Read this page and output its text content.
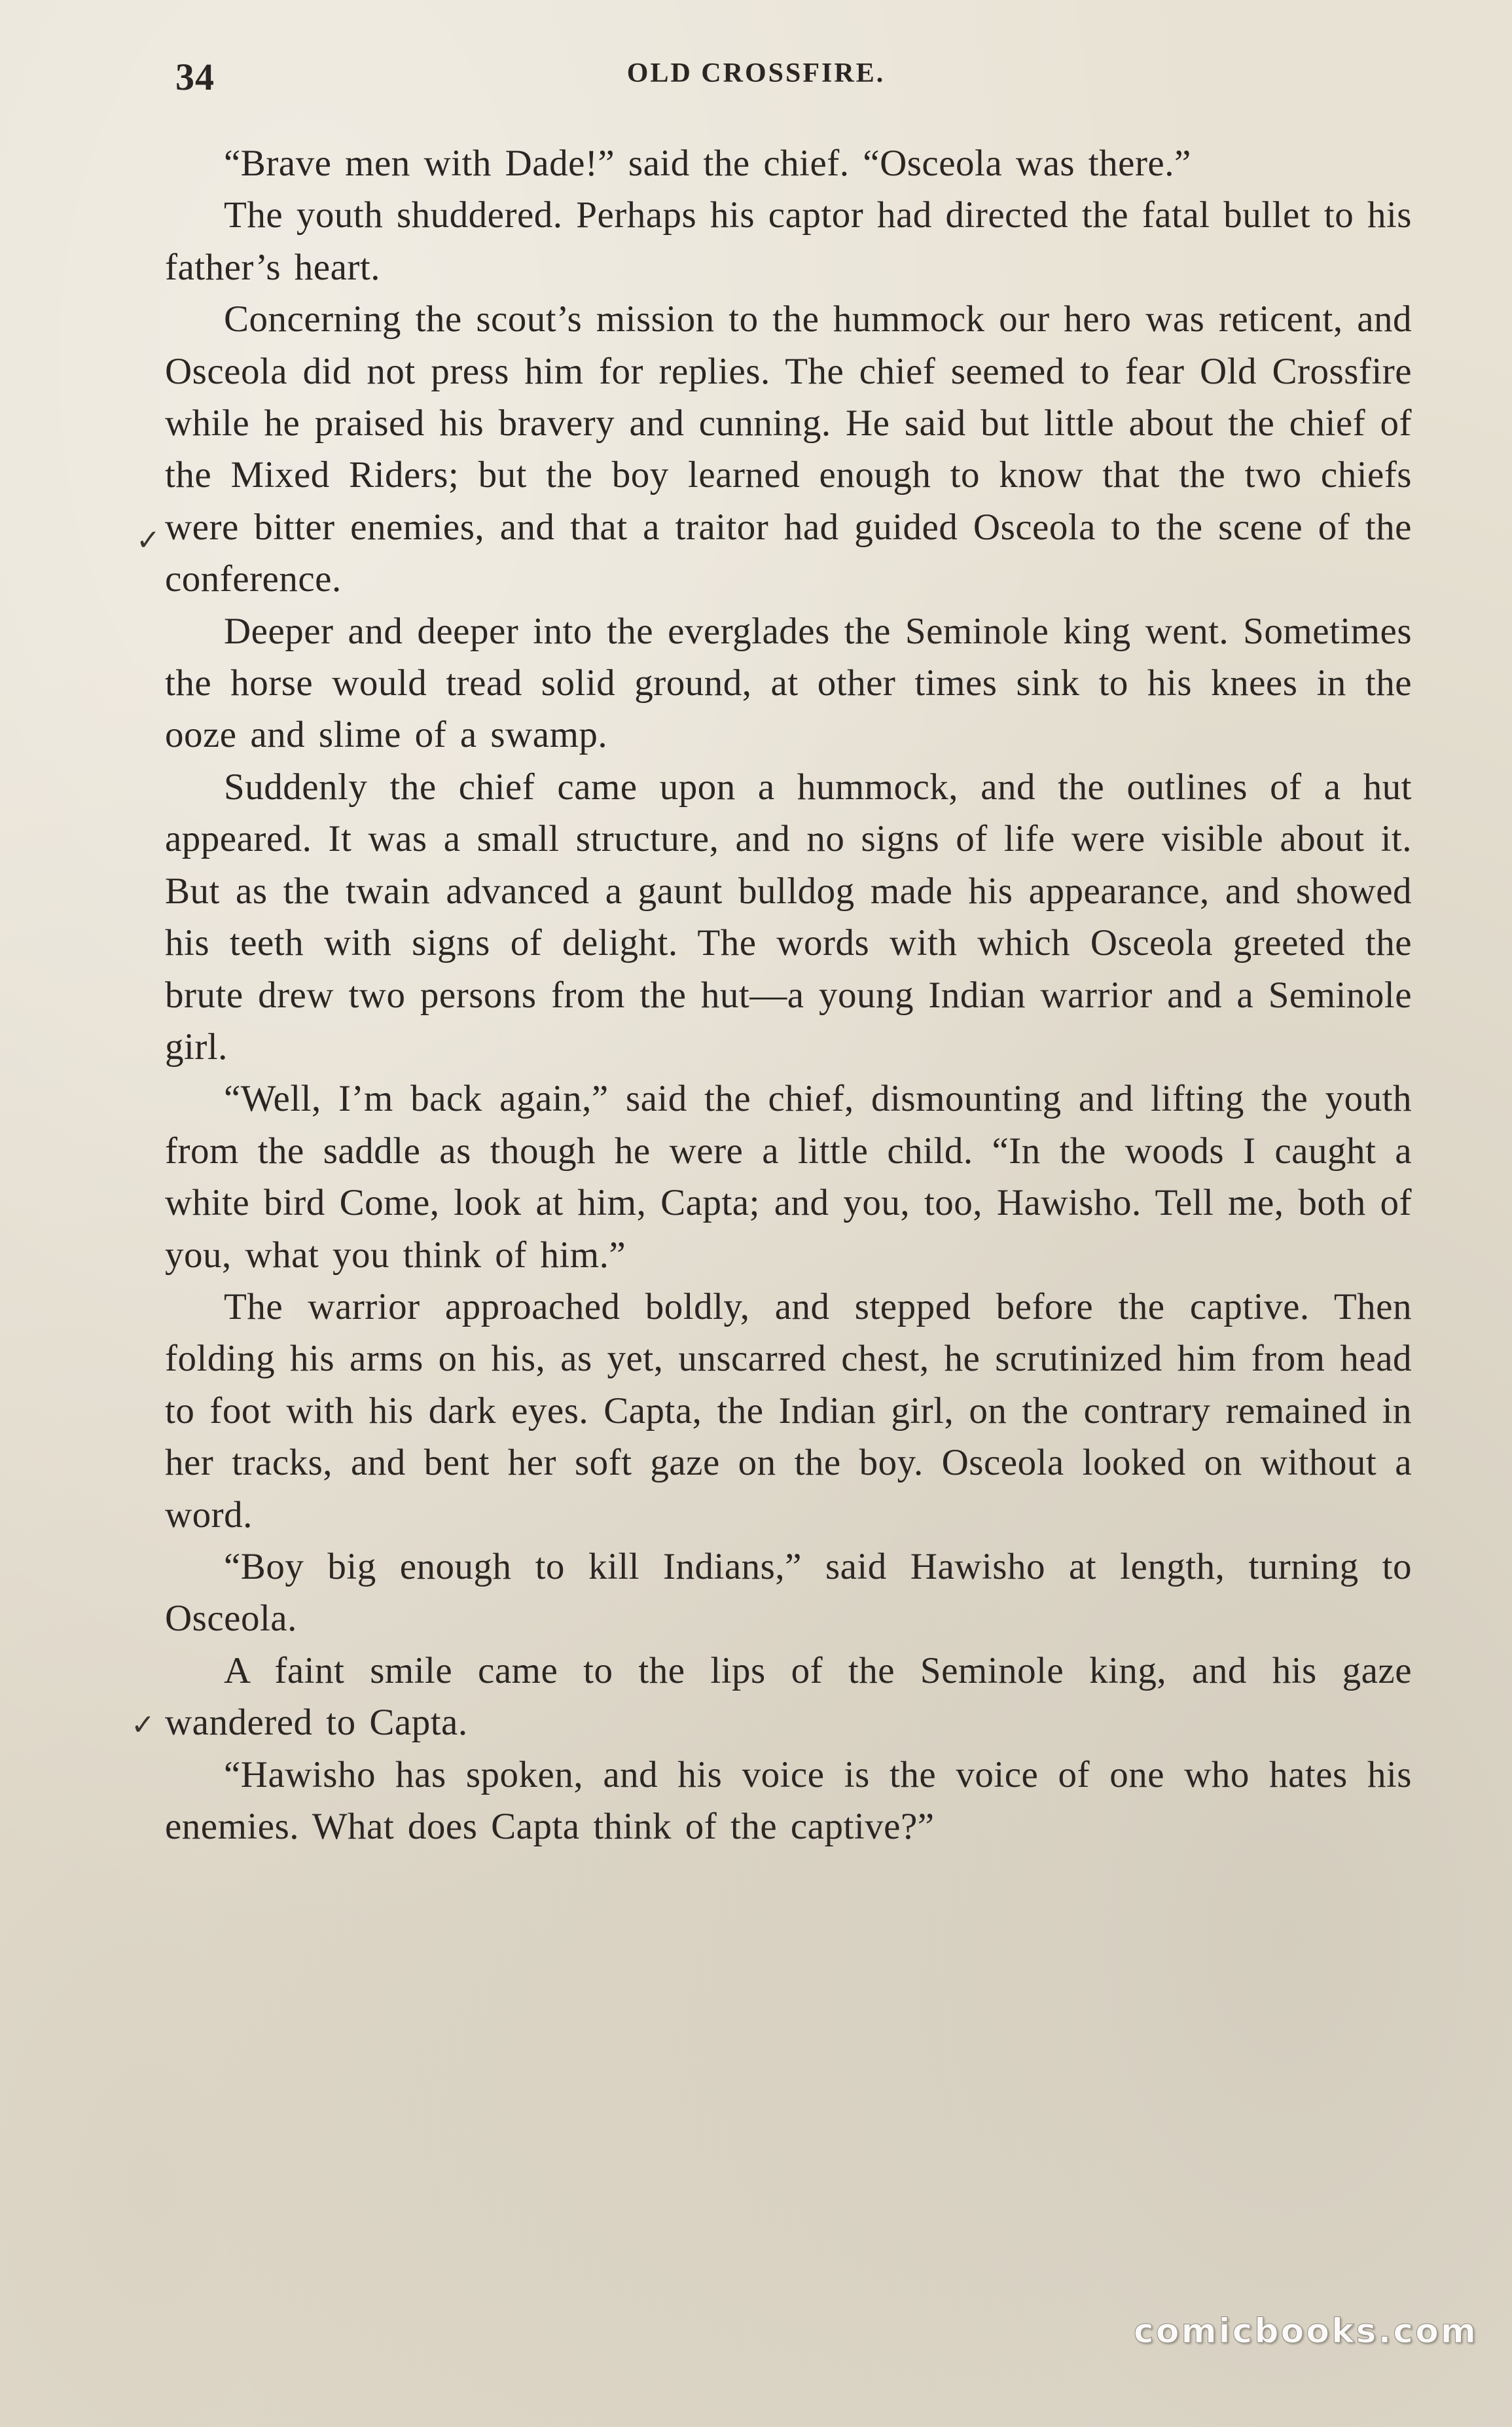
34	OLD CROSSFIRE.

“Brave men with Dade!” said the chief. “Osceola was there.”

The youth shuddered. Perhaps his captor had directed the fatal bullet to his father’s heart.

Concerning the scout’s mission to the hummock our hero was reticent, and Osceola did not press him for replies. The chief seemed to fear Old Crossfire while he praised his bravery and cunning. He said but little about the chief of the Mixed Riders; but the boy learned enough to know that the two chiefs were bitter enemies, and that a traitor had guided Osceola to the scene of the conference.

Deeper and deeper into the everglades the Seminole king went. Sometimes the horse would tread solid ground, at other times sink to his knees in the ooze and slime of a swamp.

Suddenly the chief came upon a hummock, and the outlines of a hut appeared. It was a small structure, and no signs of life were visible about it. But as the twain advanced a gaunt bulldog made his appearance, and showed his teeth with signs of delight. The words with which Osceola greeted the brute drew two persons from the hut—a young Indian warrior and a Seminole girl.

“Well, I’m back again,” said the chief, dismounting and lifting the youth from the saddle as though he were a little child. “In the woods I caught a white bird Come, look at him, Capta; and you, too, Hawisho. Tell me, both of you, what you think of him.”

The warrior approached boldly, and stepped before the captive. Then folding his arms on his, as yet, unscarred chest, he scrutinized him from head to foot with his dark eyes. Capta, the Indian girl, on the contrary remained in her tracks, and bent her soft gaze on the boy. Osceola looked on without a word.

“Boy big enough to kill Indians,” said Hawisho at length, turning to Osceola.

A faint smile came to the lips of the Seminole king, and his gaze wandered to Capta.

“Hawisho has spoken, and his voice is the voice of one who hates his enemies. What does Capta think of the captive?”

✓
✓
comicbooks.com
